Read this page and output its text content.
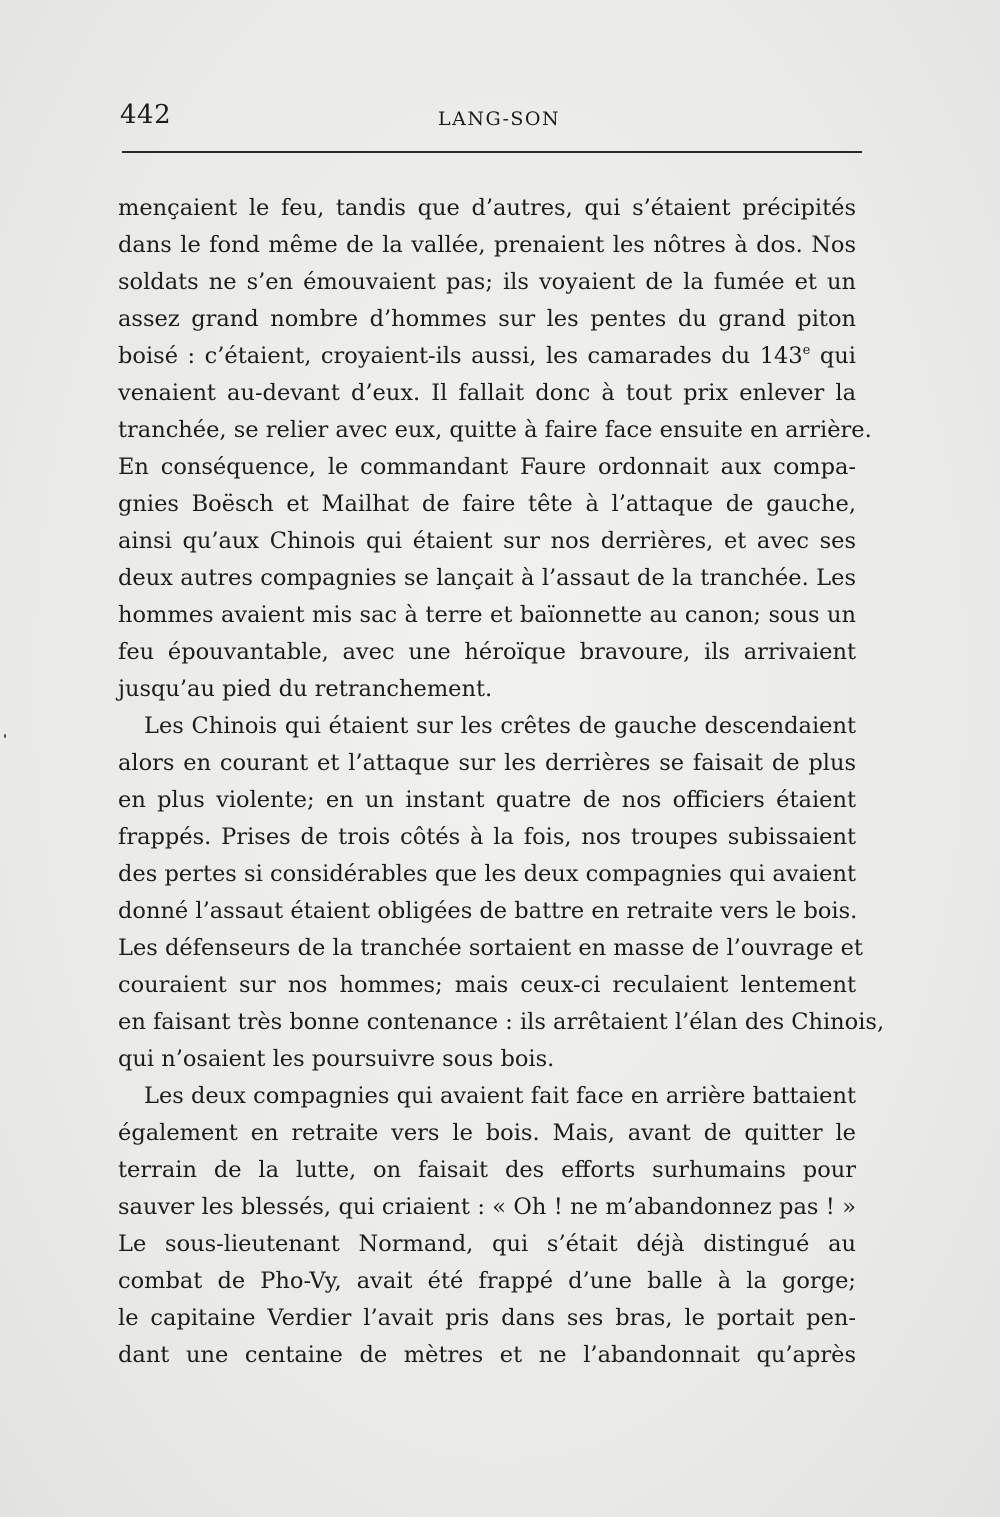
442	LANG-SON
mençaient le feu, tandis que d’autres, qui s’étaient précipités
dans le fond même de la vallée, prenaient les nôtres à dos. Nos
soldats ne s’en émouvaient pas; ils voyaient de la fumée et un
assez grand nombre d’hommes sur les pentes du grand piton
boisé : c’étaient, croyaient-ils aussi, les camarades du 143e qui
venaient au-devant d’eux. Il fallait donc à tout prix enlever la
tranchée, se relier avec eux, quitte à faire face ensuite en arrière.
En conséquence, le commandant Faure ordonnait aux compa-
gnies Boësch et Mailhat de faire tête à l’attaque de gauche,
ainsi qu’aux Chinois qui étaient sur nos derrières, et avec ses
deux autres compagnies se lançait à l’assaut de la tranchée. Les
hommes avaient mis sac à terre et baïonnette au canon; sous un
feu épouvantable, avec une héroïque bravoure, ils arrivaient
jusqu’au pied du retranchement.
Les Chinois qui étaient sur les crêtes de gauche descendaient
alors en courant et l’attaque sur les derrières se faisait de plus
en plus violente; en un instant quatre de nos officiers étaient
frappés. Prises de trois côtés à la fois, nos troupes subissaient
des pertes si considérables que les deux compagnies qui avaient
donné l’assaut étaient obligées de battre en retraite vers le bois.
Les défenseurs de la tranchée sortaient en masse de l’ouvrage et
couraient sur nos hommes; mais ceux-ci reculaient lentement
en faisant très bonne contenance : ils arrêtaient l’élan des Chinois,
qui n’osaient les poursuivre sous bois.
Les deux compagnies qui avaient fait face en arrière battaient
également en retraite vers le bois. Mais, avant de quitter le
terrain de la lutte, on faisait des efforts surhumains pour
sauver les blessés, qui criaient : « Oh ! ne m’abandonnez pas ! »
Le sous-lieutenant Normand, qui s’était déjà distingué au
combat de Pho-Vy, avait été frappé d’une balle à la gorge;
le capitaine Verdier l’avait pris dans ses bras, le portait pen-
dant une centaine de mètres et ne l’abandonnait qu’après
